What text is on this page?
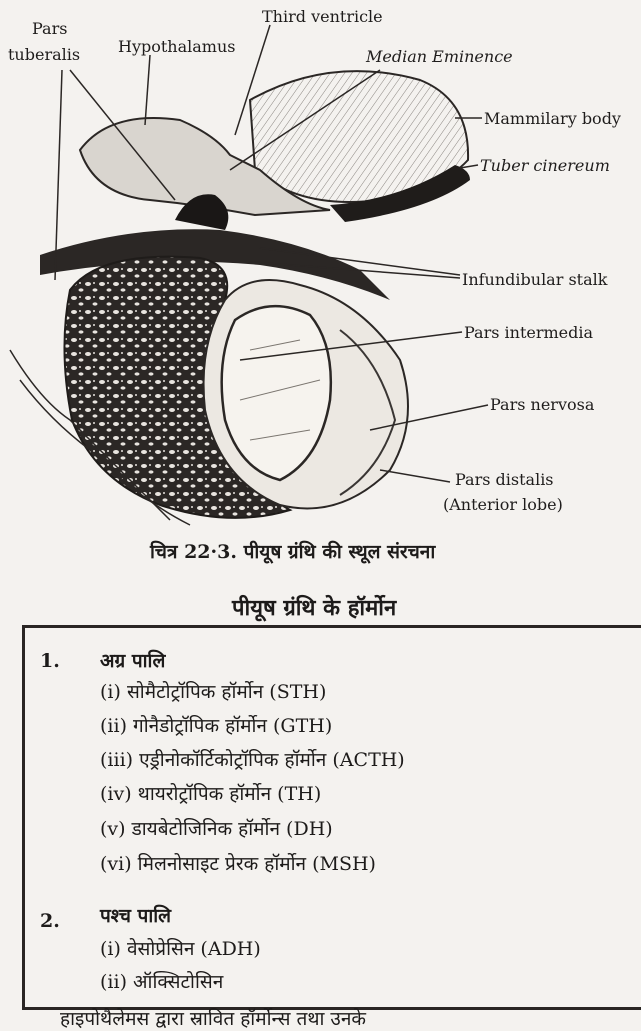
Pars
tuberalis Hypothalamus
Third ventricle
Median Eminence
Mammilary body
Tuber cinereum
Infundibular stalk
Pars intermedia
Pars nervosa
Pars distalis
(Anterior lobe)
चित्र 22·3. पीयूष ग्रंथि की स्थूल संरचना
पीयूष ग्रंथि के हॉर्मोन
1. अग्र पालि
(i) सोमैटोट्रॉपिक हॉर्मोन (STH)
(ii) गोनैडोट्रॉपिक हॉर्मोन (GTH)
(iii) एड्रीनोकॉर्टिकोट्रॉपिक हॉर्मोन (ACTH)
(iv) थायरोट्रॉपिक हॉर्मोन (TH)
(v) डायबेटोजिनिक हॉर्मोन (DH)
(vi) मिलनोसाइट प्रेरक हॉर्मोन (MSH)
2. पश्च पालि
(i) वेसोप्रेसिन (ADH)
(ii) ऑक्सिटोसिन
हाइपोथैलेमस द्वारा स्रावित हॉर्मोन्स तथा उनके
